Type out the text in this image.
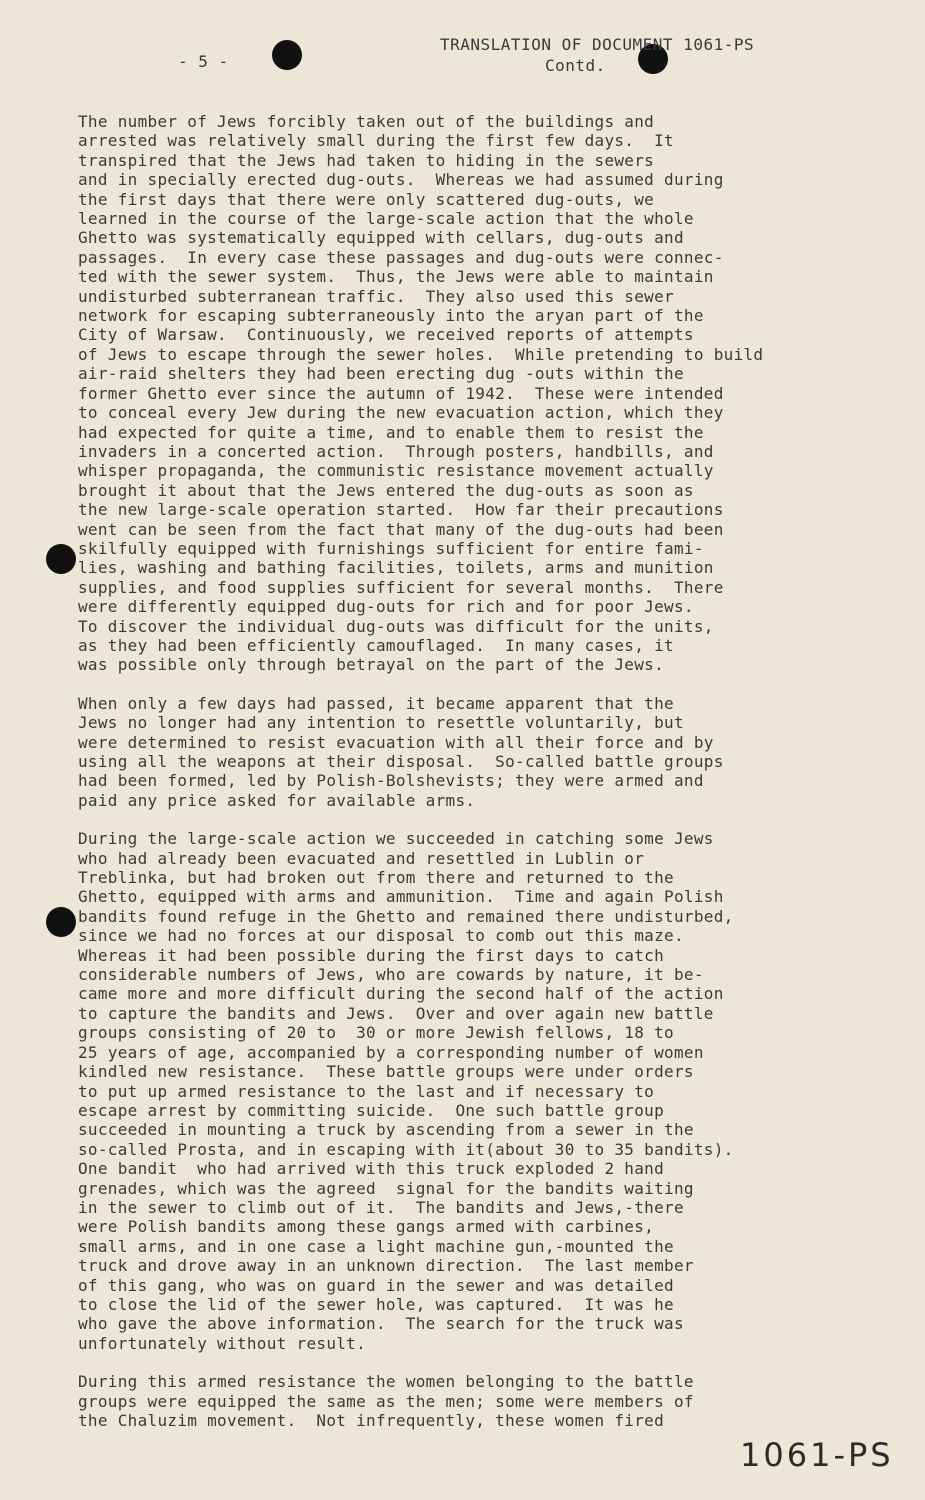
- 5 -
TRANSLATION OF DOCUMENT 1061-PS
Contd.
The number of Jews forcibly taken out of the buildings and
arrested was relatively small during the first few days.  It
transpired that the Jews had taken to hiding in the sewers
and in specially erected dug-outs.  Whereas we had assumed during
the first days that there were only scattered dug-outs, we
learned in the course of the large-scale action that the whole
Ghetto was systematically equipped with cellars, dug-outs and
passages.  In every case these passages and dug-outs were connec-
ted with the sewer system.  Thus, the Jews were able to maintain
undisturbed subterranean traffic.  They also used this sewer
network for escaping subterraneously into the aryan part of the
City of Warsaw.  Continuously, we received reports of attempts
of Jews to escape through the sewer holes.  While pretending to build
air-raid shelters they had been erecting dug -outs within the
former Ghetto ever since the autumn of 1942.  These were intended
to conceal every Jew during the new evacuation action, which they
had expected for quite a time, and to enable them to resist the
invaders in a concerted action.  Through posters, handbills, and
whisper propaganda, the communistic resistance movement actually
brought it about that the Jews entered the dug-outs as soon as
the new large-scale operation started.  How far their precautions
went can be seen from the fact that many of the dug-outs had been
skilfully equipped with furnishings sufficient for entire fami-
lies, washing and bathing facilities, toilets, arms and munition
supplies, and food supplies sufficient for several months.  There
were differently equipped dug-outs for rich and for poor Jews.
To discover the individual dug-outs was difficult for the units,
as they had been efficiently camouflaged.  In many cases, it
was possible only through betrayal on the part of the Jews.
When only a few days had passed, it became apparent that the
Jews no longer had any intention to resettle voluntarily, but
were determined to resist evacuation with all their force and by
using all the weapons at their disposal.  So-called battle groups
had been formed, led by Polish-Bolshevists; they were armed and
paid any price asked for available arms.
During the large-scale action we succeeded in catching some Jews
who had already been evacuated and resettled in Lublin or
Treblinka, but had broken out from there and returned to the
Ghetto, equipped with arms and ammunition.  Time and again Polish
bandits found refuge in the Ghetto and remained there undisturbed,
since we had no forces at our disposal to comb out this maze.
Whereas it had been possible during the first days to catch
considerable numbers of Jews, who are cowards by nature, it be-
came more and more difficult during the second half of the action
to capture the bandits and Jews.  Over and over again new battle
groups consisting of 20 to  30 or more Jewish fellows, 18 to
25 years of age, accompanied by a corresponding number of women
kindled new resistance.  These battle groups were under orders
to put up armed resistance to the last and if necessary to
escape arrest by committing suicide.  One such battle group
succeeded in mounting a truck by ascending from a sewer in the
so-called Prosta, and in escaping with it(about 30 to 35 bandits).
One bandit  who had arrived with this truck exploded 2 hand
grenades, which was the agreed  signal for the bandits waiting
in the sewer to climb out of it.  The bandits and Jews,-there
were Polish bandits among these gangs armed with carbines,
small arms, and in one case a light machine gun,-mounted the
truck and drove away in an unknown direction.  The last member
of this gang, who was on guard in the sewer and was detailed
to close the lid of the sewer hole, was captured.  It was he
who gave the above information.  The search for the truck was
unfortunately without result.
During this armed resistance the women belonging to the battle
groups were equipped the same as the men; some were members of
the Chaluzim movement.  Not infrequently, these women fired
1061-PS
